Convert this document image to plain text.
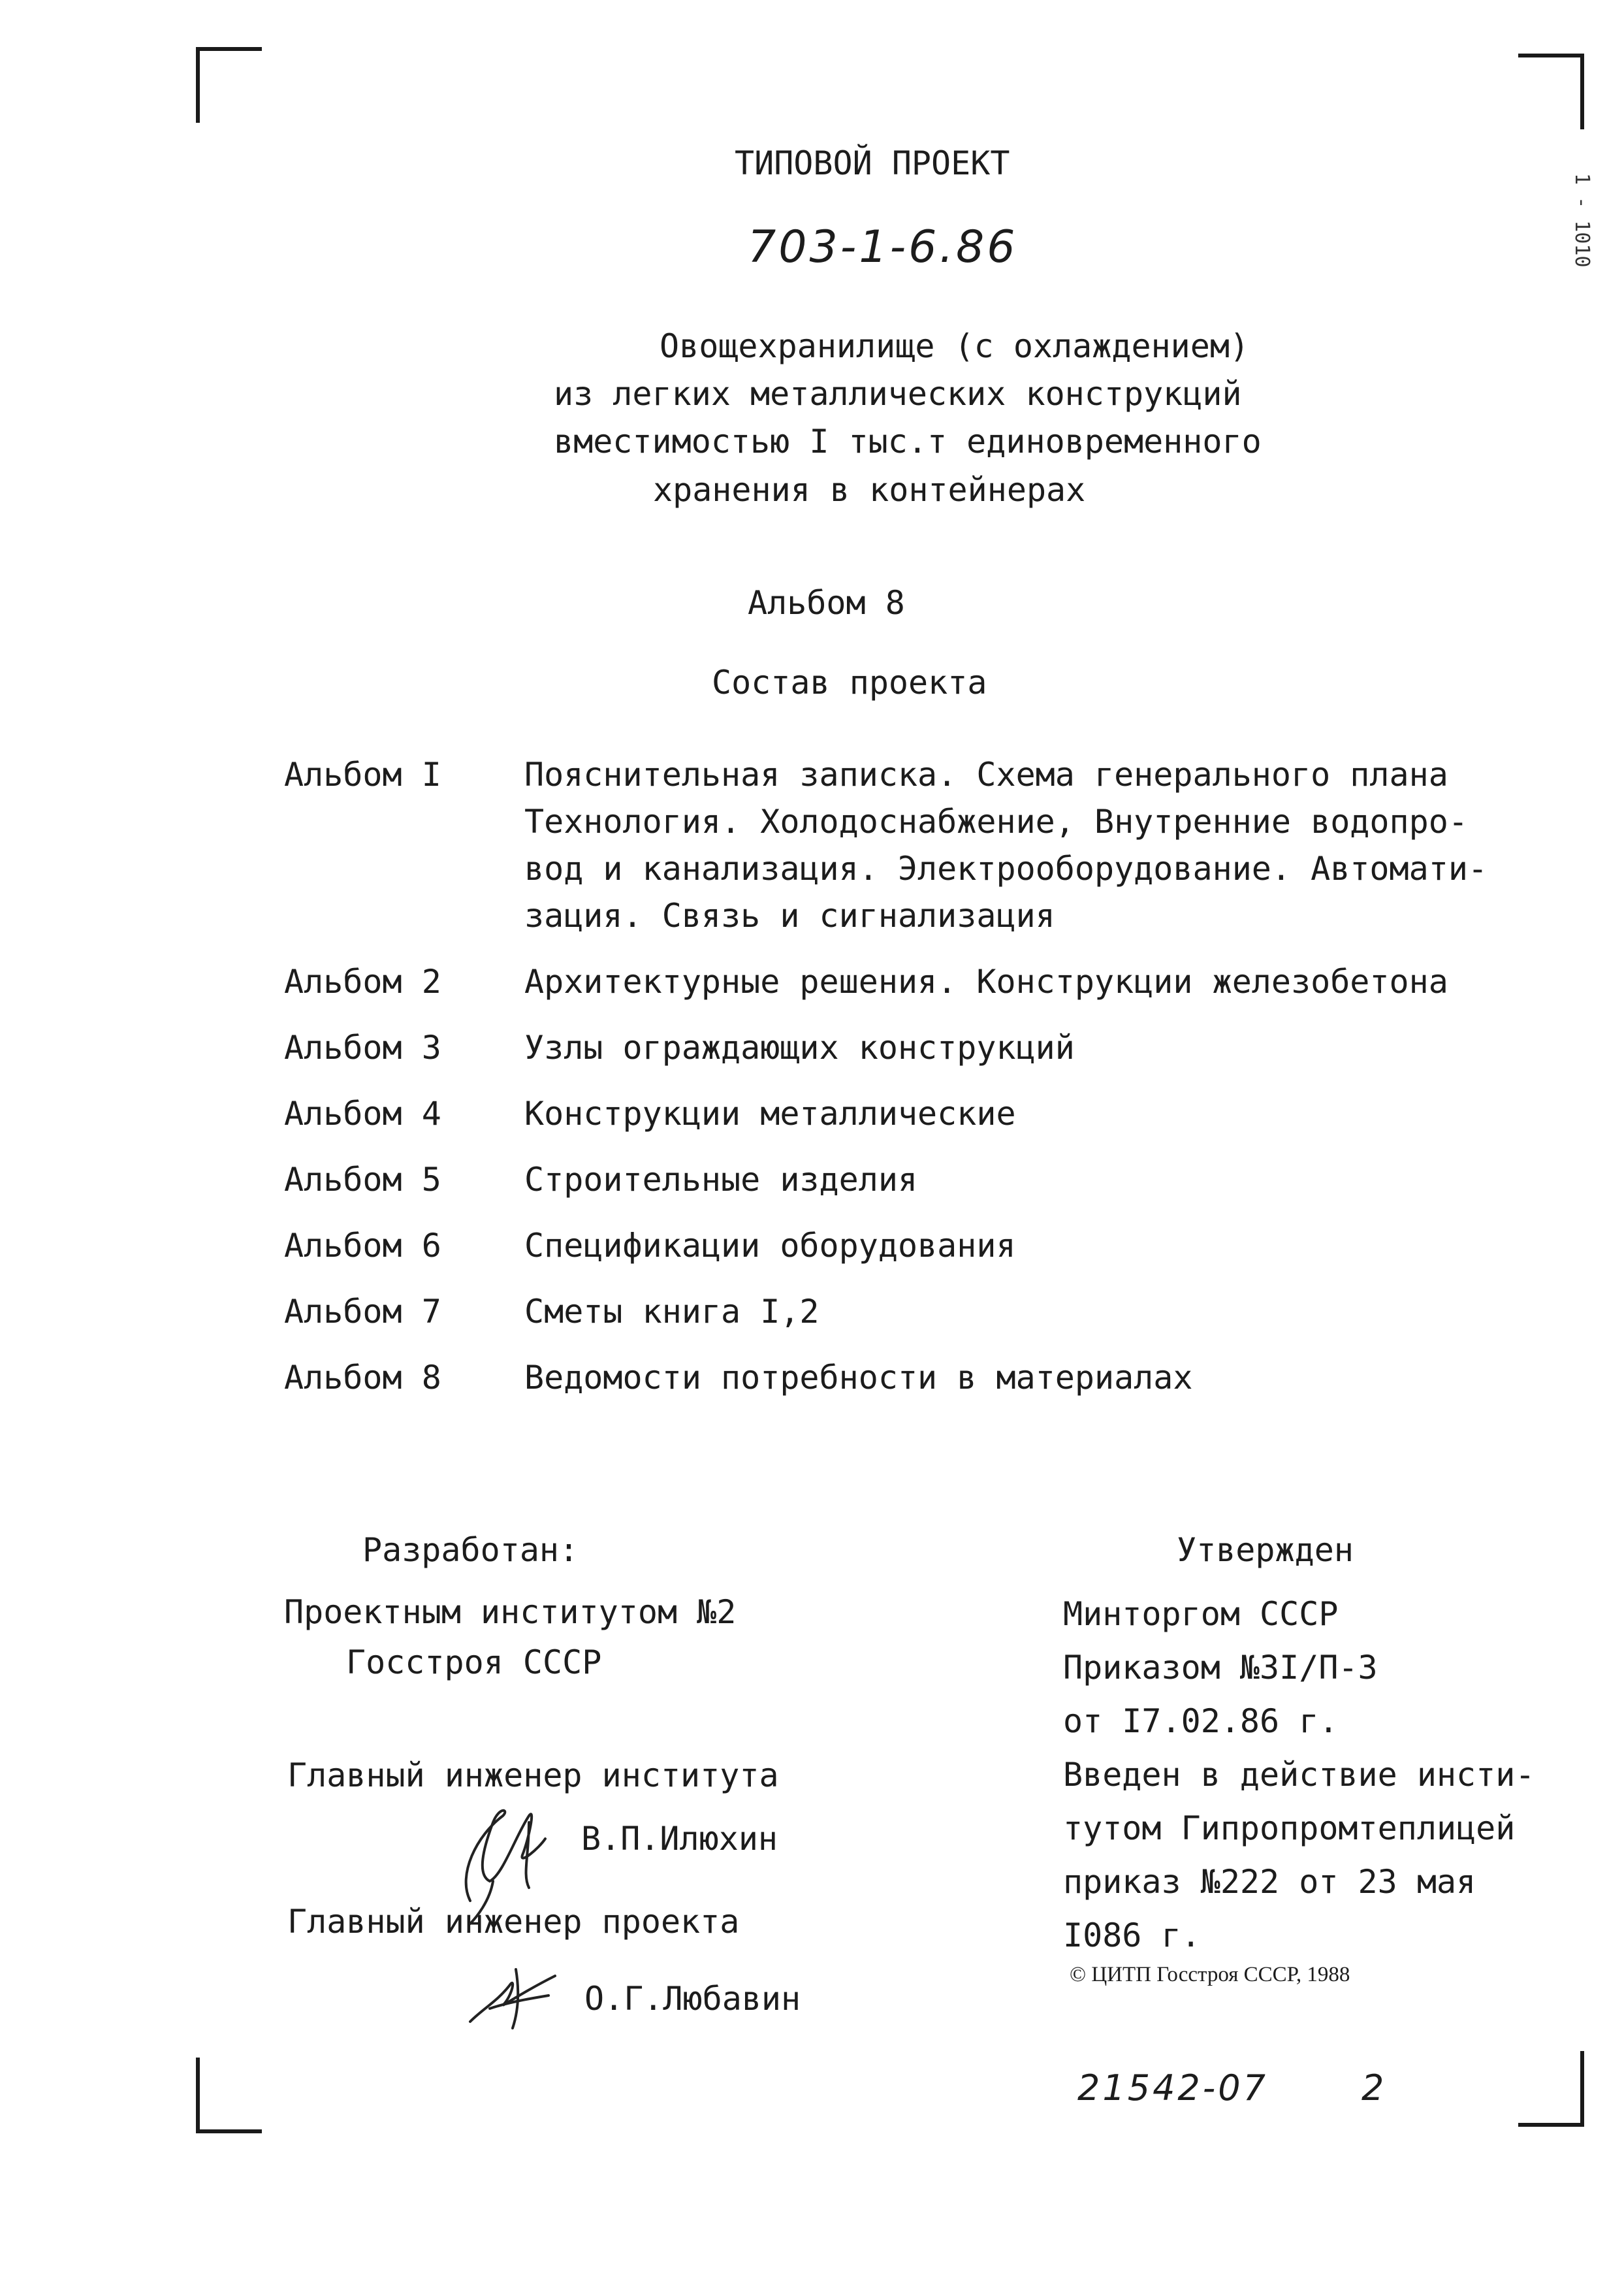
1 - 1010
ТИПОВОЙ ПРОЕКТ
703-1-6.86
Овощехранилище (с охлаждением)
из легких металлических конструкций
вместимостью I тыс.т единовременного
хранения в контейнерах
Альбом 8
Состав проекта
Альбом I	Пояснительная записка. Схема генерального плана
Технология. Холодоснабжение, Внутренние водопро-
вод и канализация. Электрооборудование. Автомати-
зация. Связь и сигнализация
Альбом 2	Архитектурные решения. Конструкции железобетона
Альбом 3	Узлы ограждающих конструкций
Альбом 4	Конструкции металлические
Альбом 5	Строительные изделия
Альбом 6	Спецификации оборудования
Альбом 7	Сметы книга I,2
Альбом 8	Ведомости потребности в материалах
Разработан:
Проектным институтом №2
Госстроя СССР
Главный инженер института
В.П.Илюхин
Главный инженер проекта
О.Г.Любавин
Утвержден
Минторгом СССР
Приказом №3I/П-3
от I7.02.86 г.
Введен в действие инсти-
тутом Гипропромтеплицей
приказ №222 от 23 мая
I086 г.
© ЦИТП Госстроя СССР, 1988
21542-07	2
